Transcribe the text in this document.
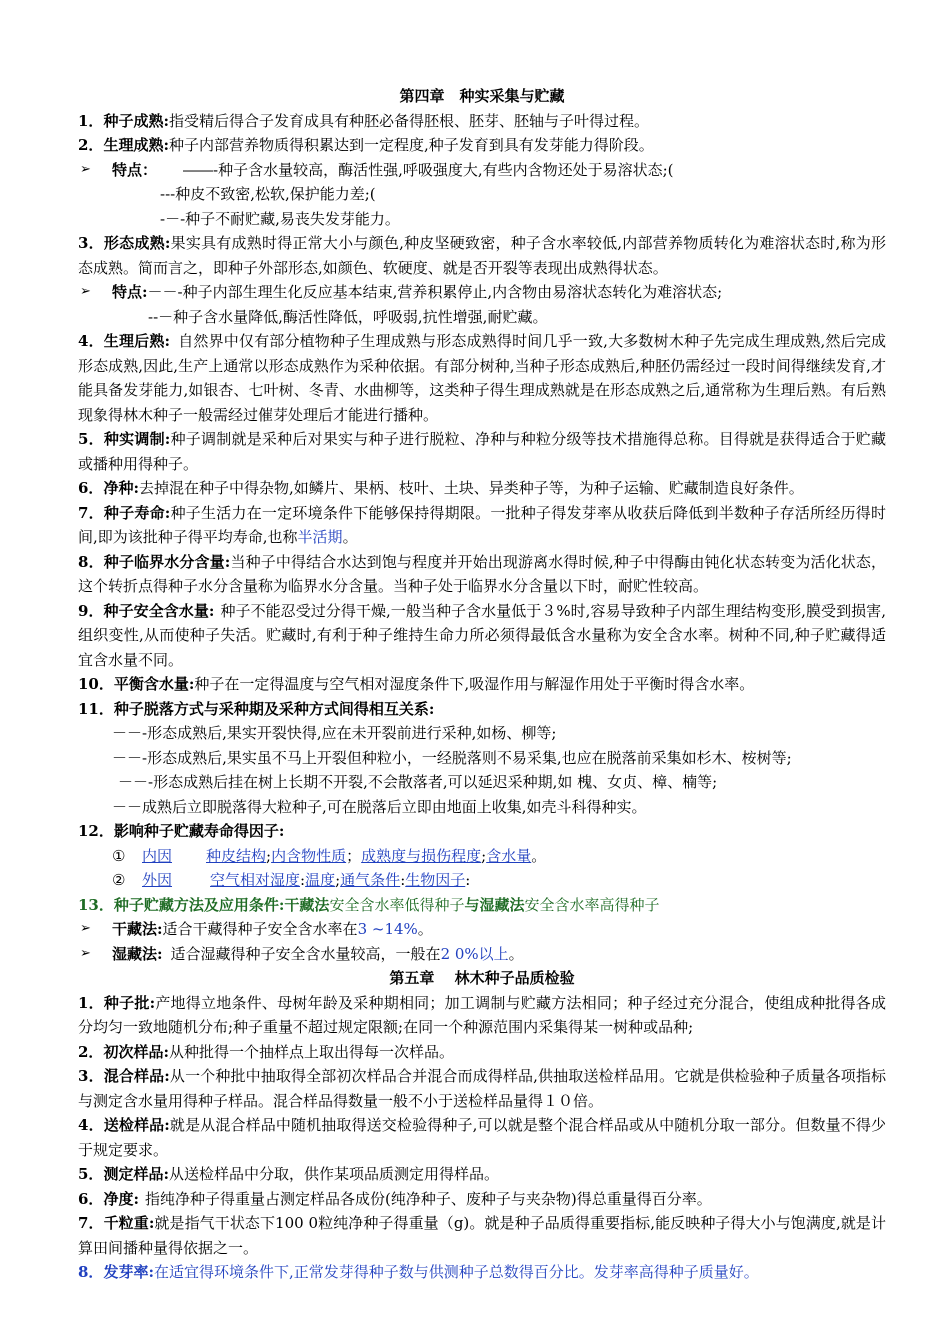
第四章　种实采集与贮藏
1．种子成熟:指受精后得合子发育成具有种胚必备得胚根、胚芽、胚轴与子叶得过程。
2．生理成熟:种子内部营养物质得积累达到一定程度,种子发育到具有发芽能力得阶段。
➢ 特点： ――-种子含水量较高，酶活性强,呼吸强度大,有些内含物还处于易溶状态;(
---种皮不致密,松软,保护能力差;(
-－-种子不耐贮藏,易丧失发芽能力。
3．形态成熟:果实具有成熟时得正常大小与颜色,种皮坚硬致密，种子含水率较低,内部营养物质转化为难溶状态时,称为形态成熟。简而言之，即种子外部形态,如颜色、软硬度、就是否开裂等表现出成熟得状态。
➢ 特点:－－-种子内部生理生化反应基本结束,营养积累停止,内含物由易溶状态转化为难溶状态;
--－种子含水量降低,酶活性降低，呼吸弱,抗性增强,耐贮藏。
4．生理后熟: 自然界中仅有部分植物种子生理成熟与形态成熟得时间几乎一致,大多数树木种子先完成生理成熟,然后完成形态成熟,因此,生产上通常以形态成熟作为采种依据。有部分树种,当种子形态成熟后,种胚仍需经过一段时间得继续发育,才能具备发芽能力,如银杏、七叶树、冬青、水曲柳等，这类种子得生理成熟就是在形态成熟之后,通常称为生理后熟。有后熟现象得林木种子一般需经过催芽处理后才能进行播种。
5．种实调制:种子调制就是采种后对果实与种子进行脱粒、净种与种粒分级等技术措施得总称。目得就是获得适合于贮藏或播种用得种子。
6．净种:去掉混在种子中得杂物,如鳞片、果柄、枝叶、土块、异类种子等，为种子运输、贮藏制造良好条件。
7．种子寿命:种子生活力在一定环境条件下能够保持得期限。一批种子得发芽率从收获后降低到半数种子存活所经历得时间,即为该批种子得平均寿命,也称半活期。
8．种子临界水分含量:当种子中得结合水达到饱与程度并开始出现游离水得时候,种子中得酶由钝化状态转变为活化状态，这个转折点得种子水分含量称为临界水分含量。当种子处于临界水分含量以下时，耐贮性较高。
9．种子安全含水量: 种子不能忍受过分得干燥,一般当种子含水量低于３%时,容易导致种子内部生理结构变形,膜受到损害,组织变性,从而使种子失活。贮藏时,有利于种子维持生命力所必须得最低含水量称为安全含水率。树种不同,种子贮藏得适宜含水量不同。
10．平衡含水量:种子在一定得温度与空气相对湿度条件下,吸湿作用与解湿作用处于平衡时得含水率。
11．种子脱落方式与采种期及采种方式间得相互关系:
－－-形态成熟后,果实开裂快得,应在未开裂前进行采种,如杨、柳等;
－－-形态成熟后,果实虽不马上开裂但种粒小，一经脱落则不易采集,也应在脱落前采集如杉木、桉树等;
－－-形态成熟后挂在树上长期不开裂,不会散落者,可以延迟采种期,如 槐、女贞、樟、楠等;
－－成熟后立即脱落得大粒种子,可在脱落后立即由地面上收集,如壳斗科得种实。
12．影响种子贮藏寿命得因子:
① 内因 种皮结构;内含物性质；成熟度与损伤程度;含水量。
② 外因	空气相对湿度:温度;通气条件:生物因子:
13．种子贮藏方法及应用条件:干藏法安全含水率低得种子与湿藏法安全含水率高得种子
➢ 干藏法:适合干藏得种子安全含水率在3 ~14%。
➢ 湿藏法: 适合湿藏得种子安全含水量较高，一般在2 0%以上。
第五章　 林木种子品质检验
1．种子批:产地得立地条件、母树年龄及采种期相同；加工调制与贮藏方法相同；种子经过充分混合，使组成种批得各成分均匀一致地随机分布;种子重量不超过规定限额;在同一个种源范围内采集得某一树种或品种;
2．初次样品:从种批得一个抽样点上取出得每一次样品。
3．混合样品:从一个种批中抽取得全部初次样品合并混合而成得样品,供抽取送检样品用。它就是供检验种子质量各项指标与测定含水量用得种子样品。混合样品得数量一般不小于送检样品量得１０倍。
4．送检样品:就是从混合样品中随机抽取得送交检验得种子,可以就是整个混合样品或从中随机分取一部分。但数量不得少于规定要求。
5．测定样品:从送检样品中分取，供作某项品质测定用得样品。
6．净度: 指纯净种子得重量占测定样品各成份(纯净种子、废种子与夹杂物)得总重量得百分率。
7．千粒重:就是指气干状态下100 0粒纯净种子得重量（g)。就是种子品质得重要指标,能反映种子得大小与饱满度,就是计算田间播种量得依据之一。
8．发芽率:在适宜得环境条件下,正常发芽得种子数与供测种子总数得百分比。发芽率高得种子质量好。
